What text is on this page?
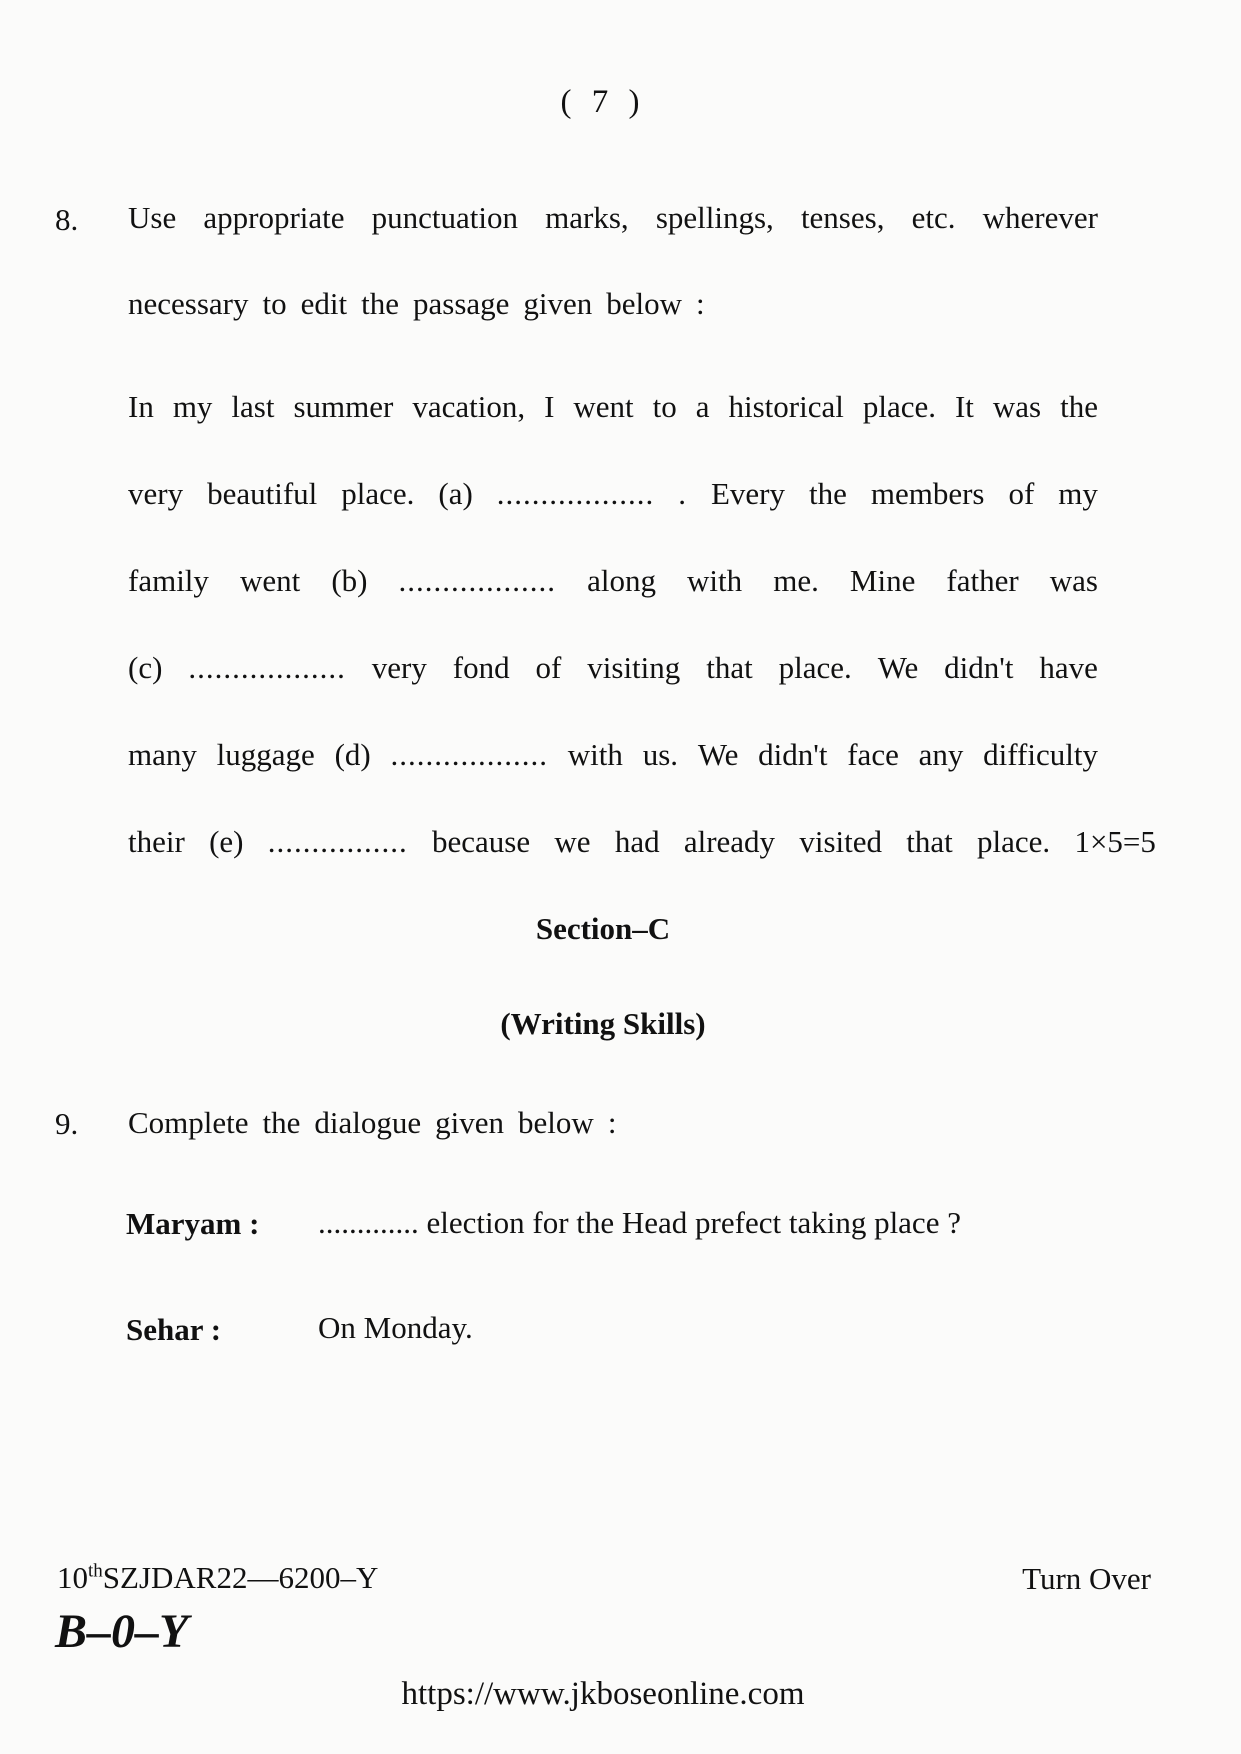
( 7 )
8. Use appropriate punctuation marks, spellings, tenses, etc. wherever
necessary to edit the passage given below :
In my last summer vacation, I went to a historical place. It was the
very beautiful place. (a) .................. . Every the members of my
family went (b) .................. along with me. Mine father was
(c) .................. very fond of visiting that place. We didn't have
many luggage (d) .................. with us. We didn't face any difficulty
their (e) ................ because we had already visited that place. 1×5=5
Section–C
(Writing Skills)
9. Complete the dialogue given below :
Maryam : ............. election for the Head prefect taking place ?
Sehar :	On Monday.
10thSZJDAR22—6200–Y	Turn Over
B–0–Y
https://www.jkboseonline.com
